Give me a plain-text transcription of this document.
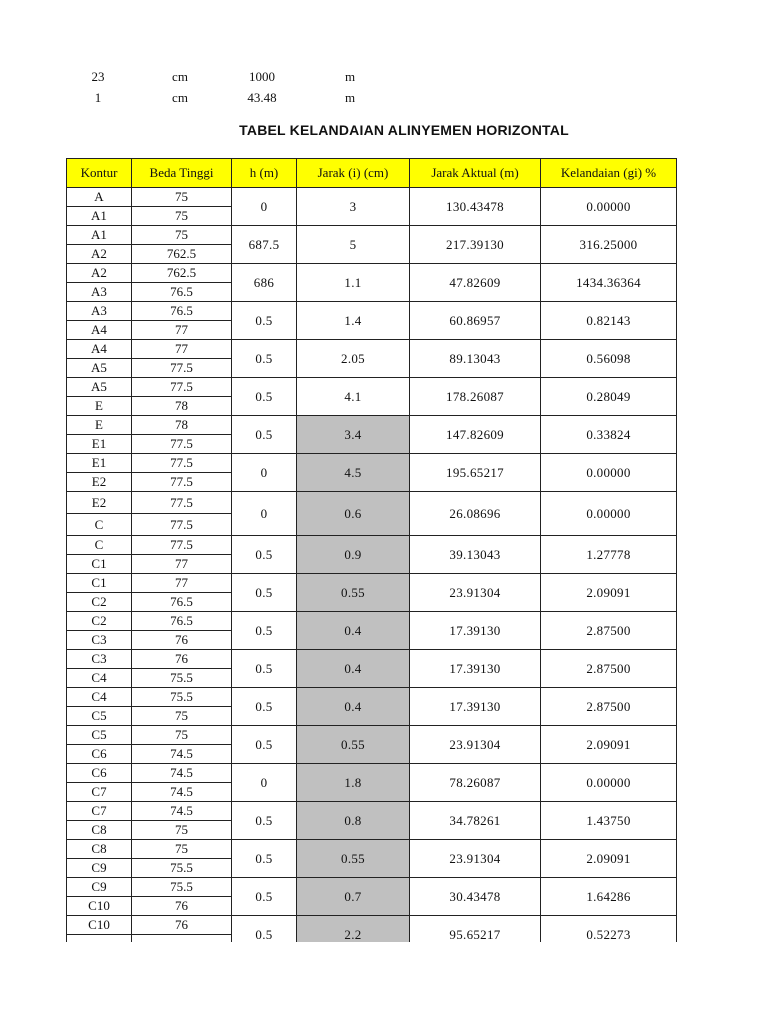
23	cm	1000	m
1	cm	43.48	m
TABEL KELANDAIAN ALINYEMEN HORIZONTAL
Kontur	Beda Tinggi	h (m)	Jarak (i) (cm)	Jarak Aktual (m)	Kelandaian (gi) %
A	75	0	3	130.43478	0.00000
A1	75				
A1	75	687.5	5	217.39130	316.25000
A2	762.5				
A2	762.5	686	1.1	47.82609	1434.36364
A3	76.5				
A3	76.5	0.5	1.4	60.86957	0.82143
A4	77				
A4	77	0.5	2.05	89.13043	0.56098
A5	77.5				
A5	77.5	0.5	4.1	178.26087	0.28049
E	78				
E	78	0.5	3.4	147.82609	0.33824
E1	77.5				
E1	77.5	0	4.5	195.65217	0.00000
E2	77.5				
E2	77.5	0	0.6	26.08696	0.00000
C	77.5				
C	77.5	0.5	0.9	39.13043	1.27778
C1	77				
C1	77	0.5	0.55	23.91304	2.09091
C2	76.5				
C2	76.5	0.5	0.4	17.39130	2.87500
C3	76				
C3	76	0.5	0.4	17.39130	2.87500
C4	75.5				
C4	75.5	0.5	0.4	17.39130	2.87500
C5	75				
C5	75	0.5	0.55	23.91304	2.09091
C6	74.5				
C6	74.5	0	1.8	78.26087	0.00000
C7	74.5				
C7	74.5	0.5	0.8	34.78261	1.43750
C8	75				
C8	75	0.5	0.55	23.91304	2.09091
C9	75.5				
C9	75.5	0.5	0.7	30.43478	1.64286
C10	76				
C10	76	0.5	2.2	95.65217	0.52273
